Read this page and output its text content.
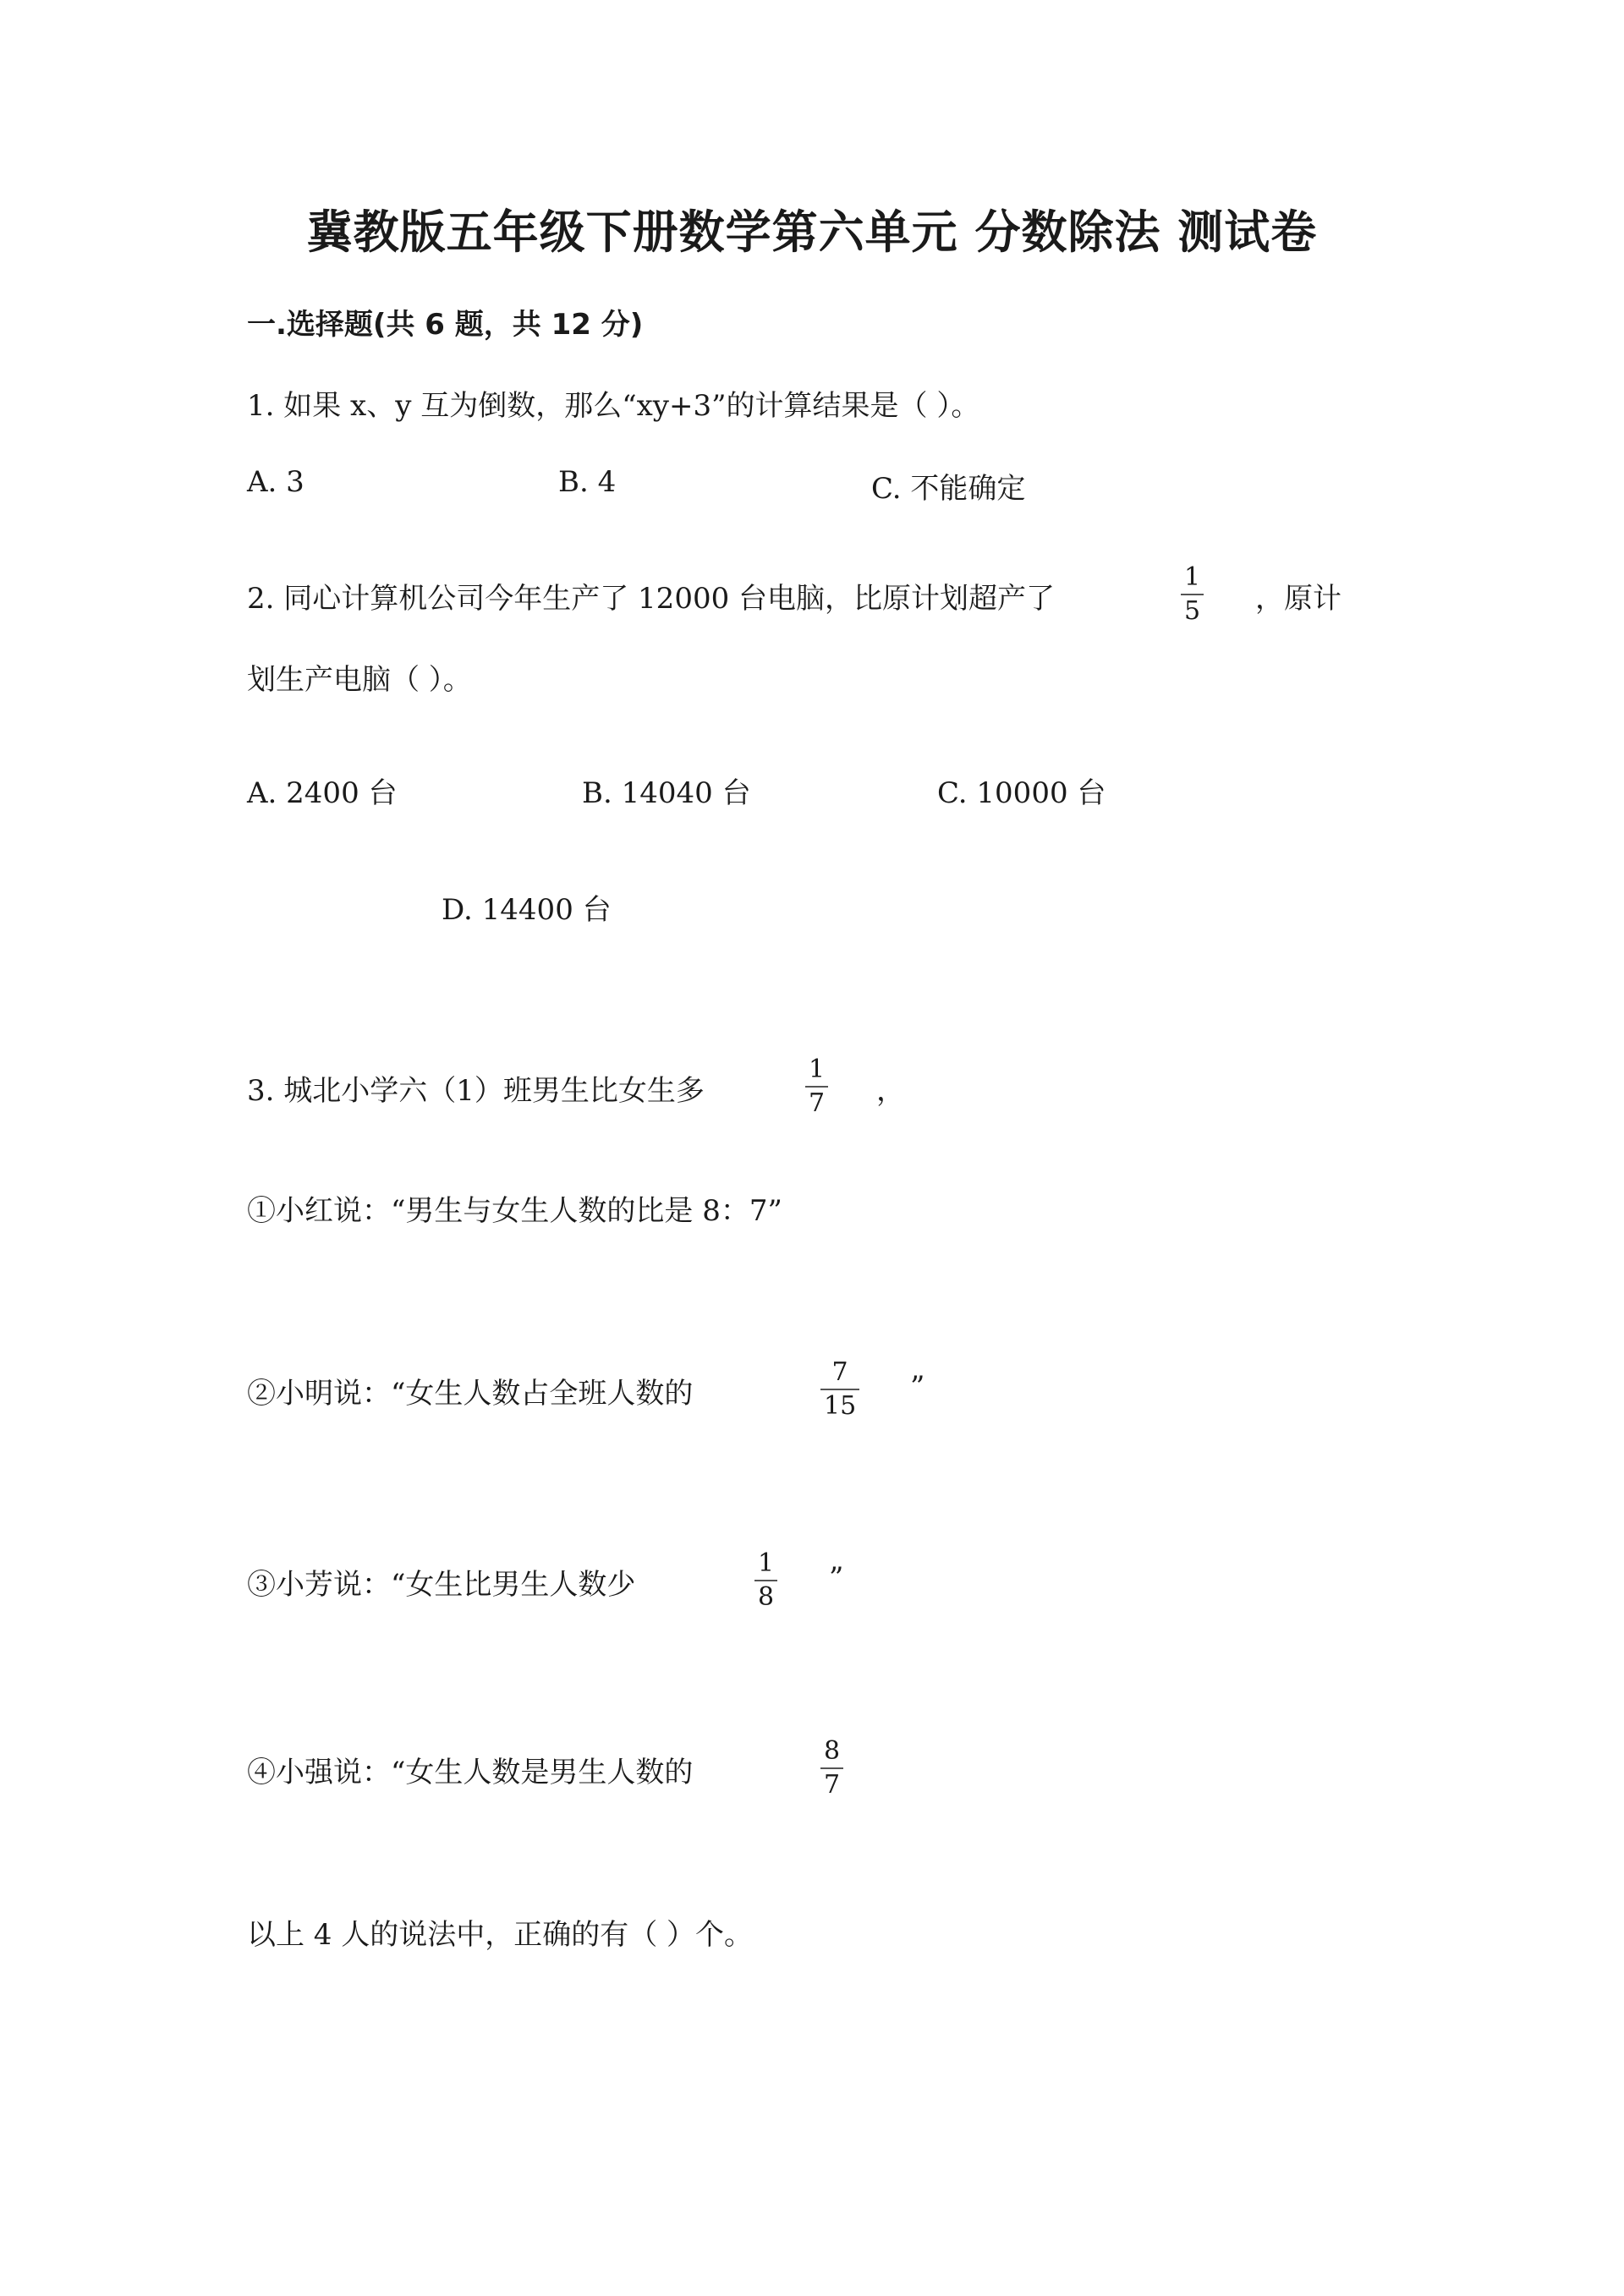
冀教版五年级下册数学第六单元 分数除法 测试卷
一.选择题(共 6 题，共 12 分)
1. 如果 x、y 互为倒数，那么“xy+3”的计算结果是（ ）。
A. 3	B. 4	C. 不能确定
2. 同心计算机公司今年生产了 12000 台电脑，比原计划超产了
1
5 ，原计
划生产电脑（ ）。
A. 2400 台	B. 14040 台	C. 10000 台
D. 14400 台
3. 城北小学六（1）班男生比女生多
1
7 ，
①小红说：“男生与女生人数的比是 8：7”
②小明说：“女生人数占全班人数的
7
15
”
③小芳说：“女生比男生人数少
1
8
”
④小强说：“女生人数是男生人数的
8
7
以上 4 人的说法中，正确的有（ ）个。
